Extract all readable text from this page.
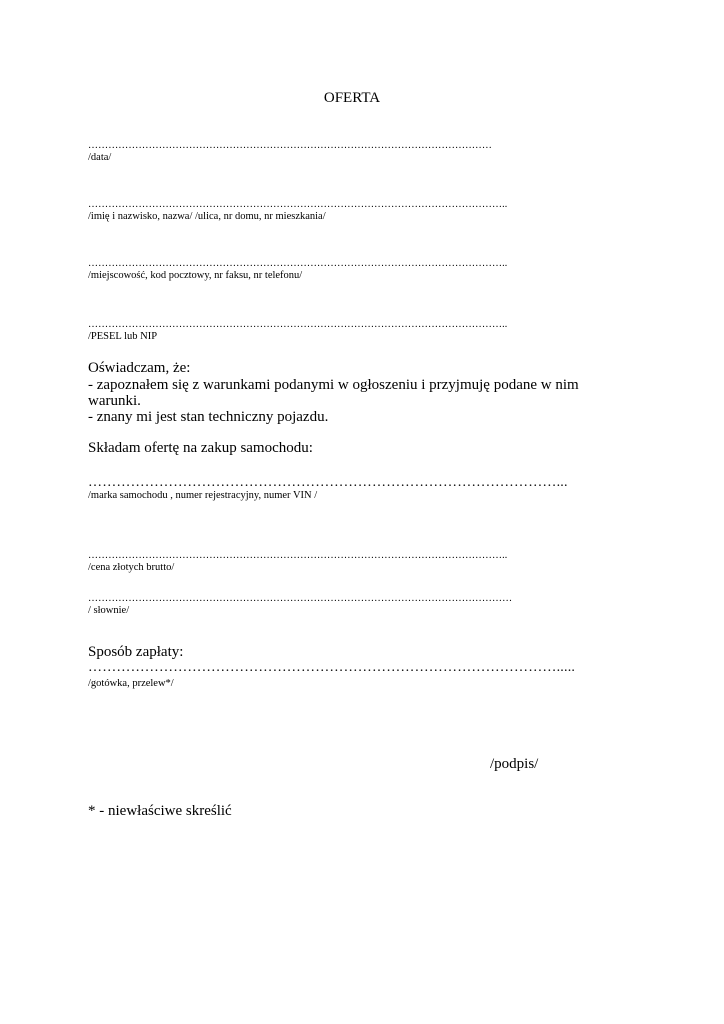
OFERTA
…………………………………………………………………………………………………………
/data/
……………………………………………………………………………………………………………..
/imię i nazwisko, nazwa/ /ulica, nr domu, nr mieszkania/
……………………………………………………………………………………………………………..
/miejscowość, kod pocztowy, nr faksu, nr telefonu/
……………………………………………………………………………………………………………..
/PESEL lub NIP
Oświadczam, że:
- zapoznałem się z warunkami podanymi w ogłoszeniu i przyjmuję podane w nim
warunki.
- znany mi jest stan techniczny pojazdu.
Składam ofertę na zakup samochodu:
………………………………………………………………………………………...
/marka samochodu , numer rejestracyjny, numer VIN /
……………………………………………………………………………………………………………..
/cena złotych brutto/
………………………………………………………………………………………………………………
/ słownie/
Sposób zapłaty:
……………………………………………………………………………………….....
/gotówka, przelew*/
/podpis/
* - niewłaściwe skreślić
